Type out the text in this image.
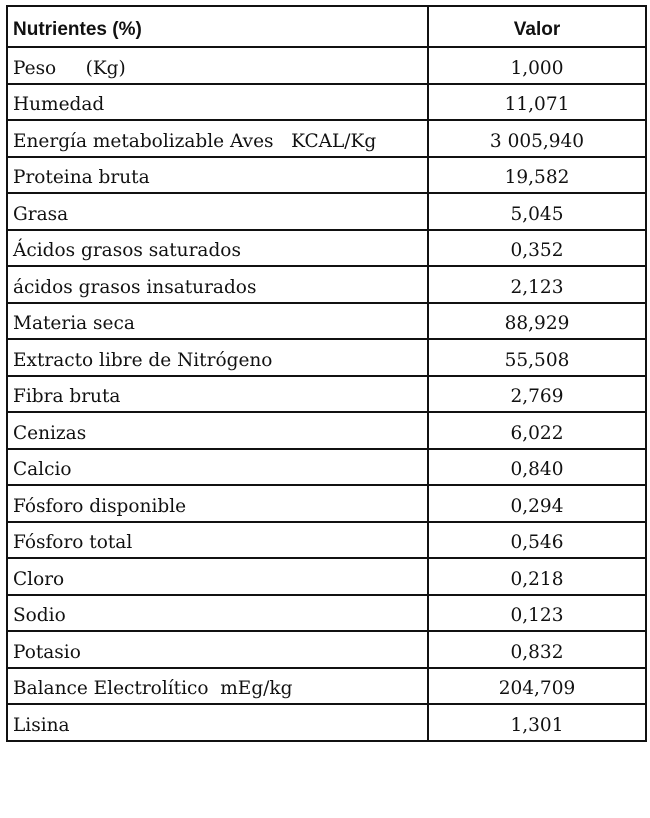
Nutrientes (%)	Valor
Peso     (Kg)	1,000
Humedad	11,071
Energía metabolizable Aves   KCAL/Kg	3 005,940
Proteina bruta	19,582
Grasa	5,045
Ácidos grasos saturados	0,352
ácidos grasos insaturados	2,123
Materia seca	88,929
Extracto libre de Nitrógeno	55,508
Fibra bruta	2,769
Cenizas	6,022
Calcio	0,840
Fósforo disponible	0,294
Fósforo total	0,546
Cloro	0,218
Sodio	0,123
Potasio	0,832
Balance Electrolítico  mEg/kg	204,709
Lisina	1,301
